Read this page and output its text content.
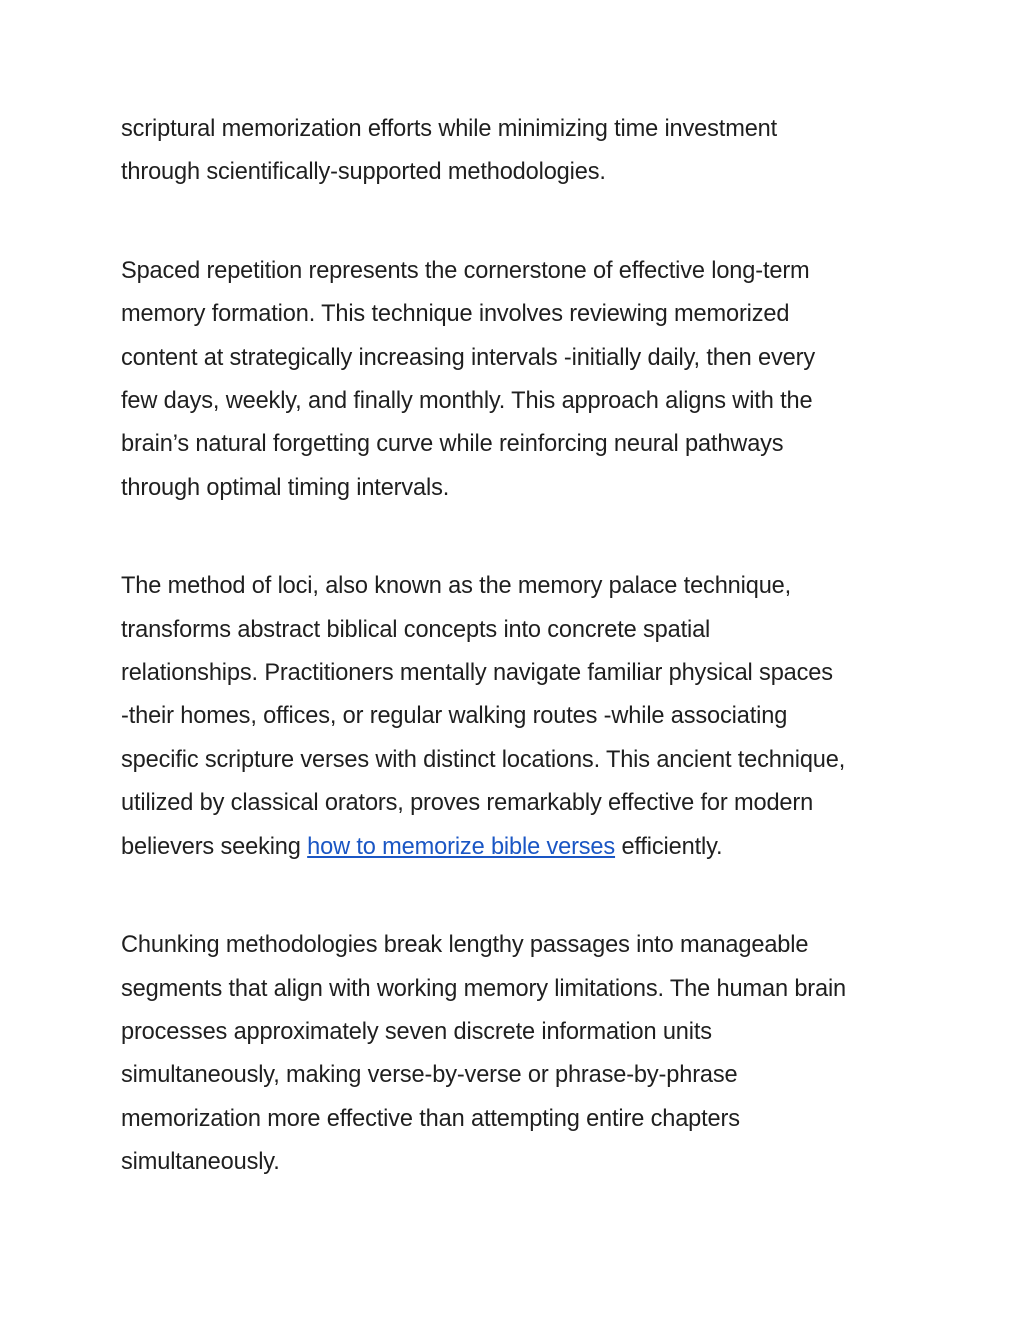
scriptural memorization efforts while minimizing time investment
through scientifically-supported methodologies.

Spaced repetition represents the cornerstone of effective long-term
memory formation. This technique involves reviewing memorized
content at strategically increasing intervals -initially daily, then every
few days, weekly, and finally monthly. This approach aligns with the
brain’s natural forgetting curve while reinforcing neural pathways
through optimal timing intervals.

The method of loci, also known as the memory palace technique,
transforms abstract biblical concepts into concrete spatial
relationships. Practitioners mentally navigate familiar physical spaces
-their homes, offices, or regular walking routes -while associating
specific scripture verses with distinct locations. This ancient technique,
utilized by classical orators, proves remarkably effective for modern
believers seeking how to memorize bible verses efficiently.

Chunking methodologies break lengthy passages into manageable
segments that align with working memory limitations. The human brain
processes approximately seven discrete information units
simultaneously, making verse-by-verse or phrase-by-phrase
memorization more effective than attempting entire chapters
simultaneously.
